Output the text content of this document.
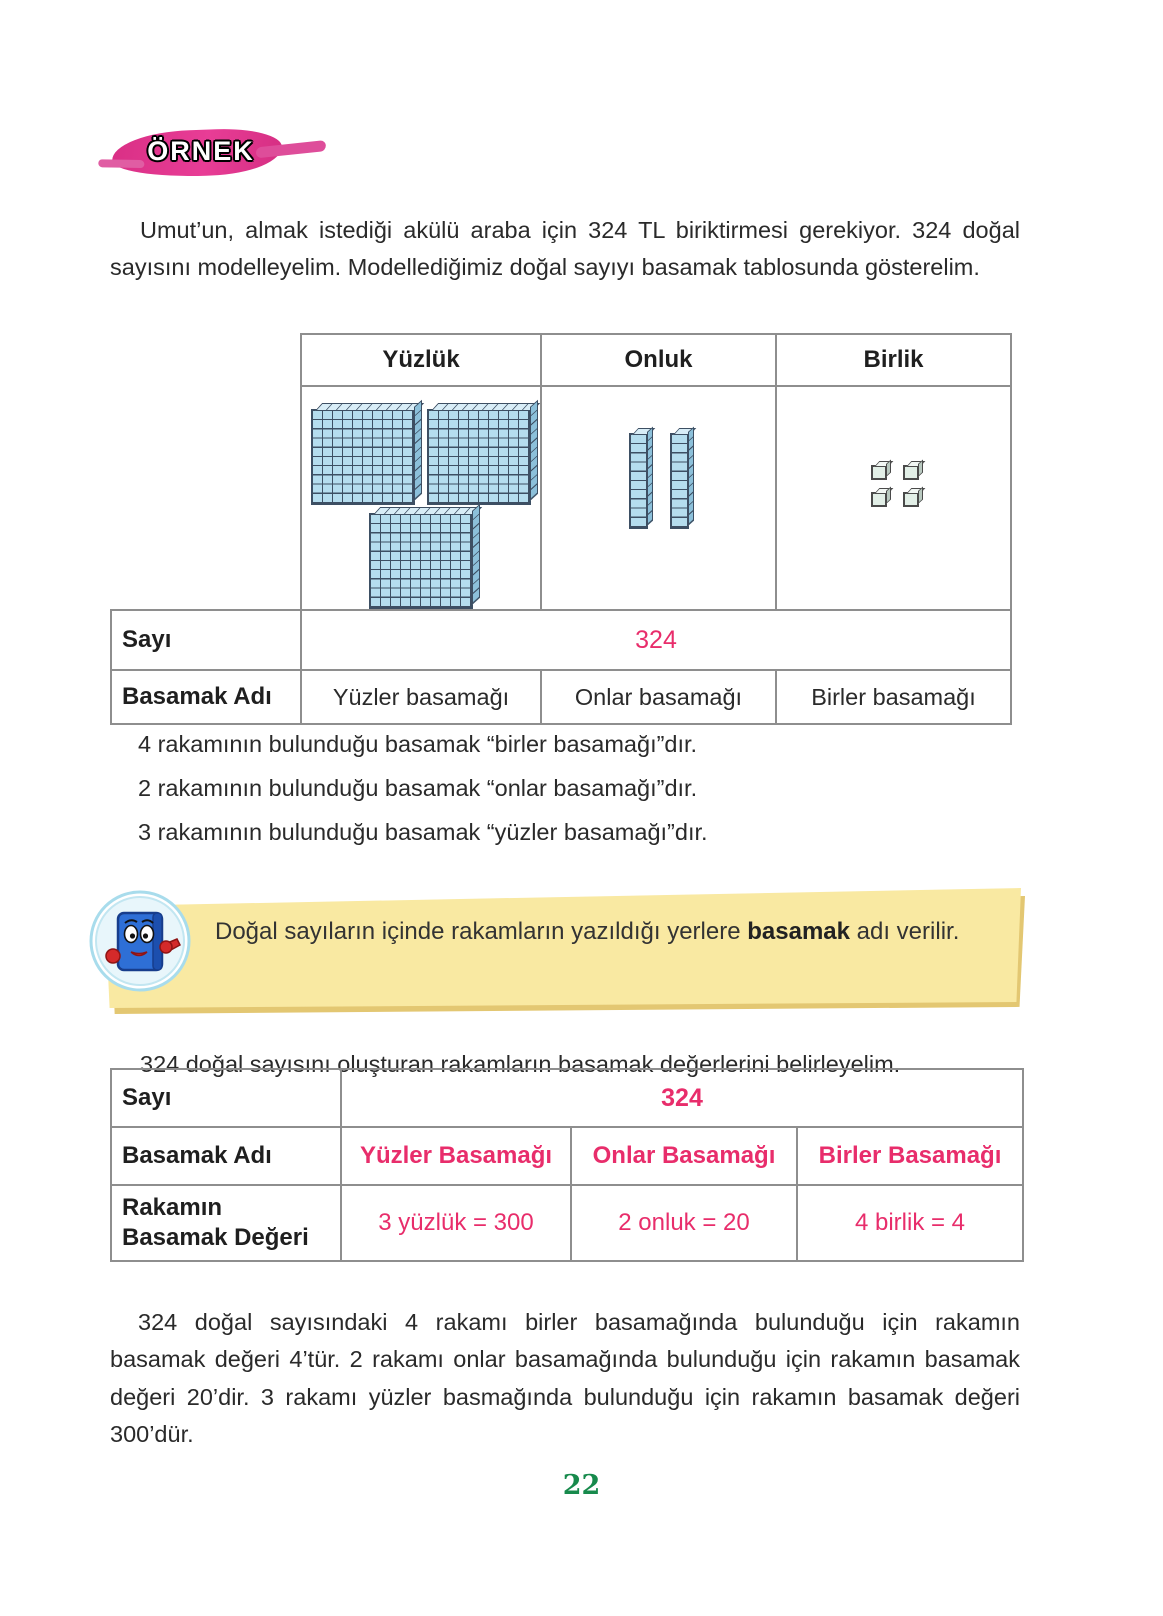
ÖRNEK

Umut’un, almak istediği akülü araba için 324 TL biriktirmesi gerekiyor. 324 doğal sayısını modelleyelim. Modellediğimiz doğal sayıyı basamak tablosunda gösterelim.

	Yüzlük	Onluk	Birlik

Sayı	324		
Basamak Adı	Yüzler basamağı	Onlar basamağı	Birler basamağı
4 rakamının bulunduğu basamak “birler basamağı”dır.
2 rakamının bulunduğu basamak “onlar basamağı”dır.
3 rakamının bulunduğu basamak “yüzler basamağı”dır.
Doğal sayıların içinde rakamların yazıldığı yerlere basamak adı verilir.

324 doğal sayısını oluşturan rakamların basamak değerlerini belirleyelim.

Sayı	324		
Basamak Adı	Yüzler Basamağı	Onlar Basamağı	Birler Basamağı

Rakamın
Basamak Değeri	3 yüzlük = 300	2 onluk = 20	4 birlik = 4

324 doğal sayısındaki 4 rakamı birler basamağında bulunduğu için rakamın basamak değeri 4’tür. 2 rakamı onlar basamağında bulunduğu için rakamın basamak değeri 20’dir. 3 rakamı yüzler basmağında bulunduğu için rakamın basamak değeri 300’dür.

22
